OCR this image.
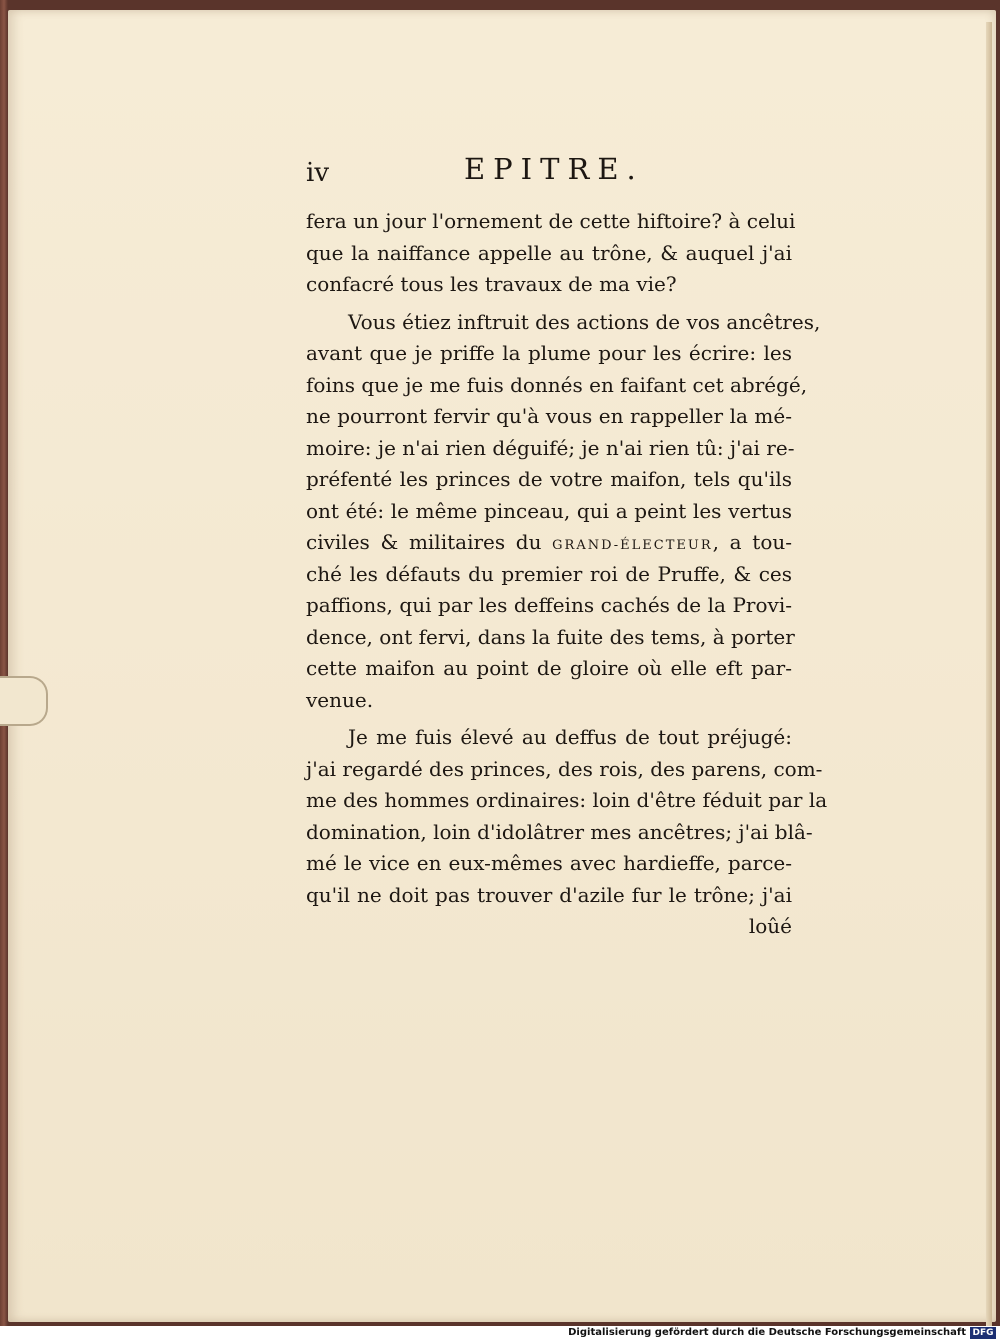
iv	EPITRE.
fera un jour l'ornement de cette hiftoire? à celui
que la naiffance appelle au trône, & auquel j'ai
confacré tous les travaux de ma vie?
Vous étiez inftruit des actions de vos ancêtres,
avant que je priffe la plume pour les écrire: les
foins que je me fuis donnés en faifant cet abrégé,
ne pourront fervir qu'à vous en rappeller la mé-
moire: je n'ai rien déguifé; je n'ai rien tû: j'ai re-
préfenté les princes de votre maifon, tels qu'ils
ont été: le même pinceau, qui a peint les vertus
civiles & militaires du GRAND-ÉLECTEUR, a tou-
ché les défauts du premier roi de Pruffe, & ces
paffions, qui par les deffeins cachés de la Provi-
dence, ont fervi, dans la fuite des tems, à porter
cette maifon au point de gloire où elle eft par-
venue.
Je me fuis élevé au deffus de tout préjugé:
j'ai regardé des princes, des rois, des parens, com-
me des hommes ordinaires: loin d'être féduit par la
domination, loin d'idolâtrer mes ancêtres; j'ai blâ-
mé le vice en eux-mêmes avec hardieffe, parce-
qu'il ne doit pas trouver d'azile fur le trône; j'ai
loûé
Digitalisierung gefördert durch die Deutsche Forschungsgemeinschaft DFG
